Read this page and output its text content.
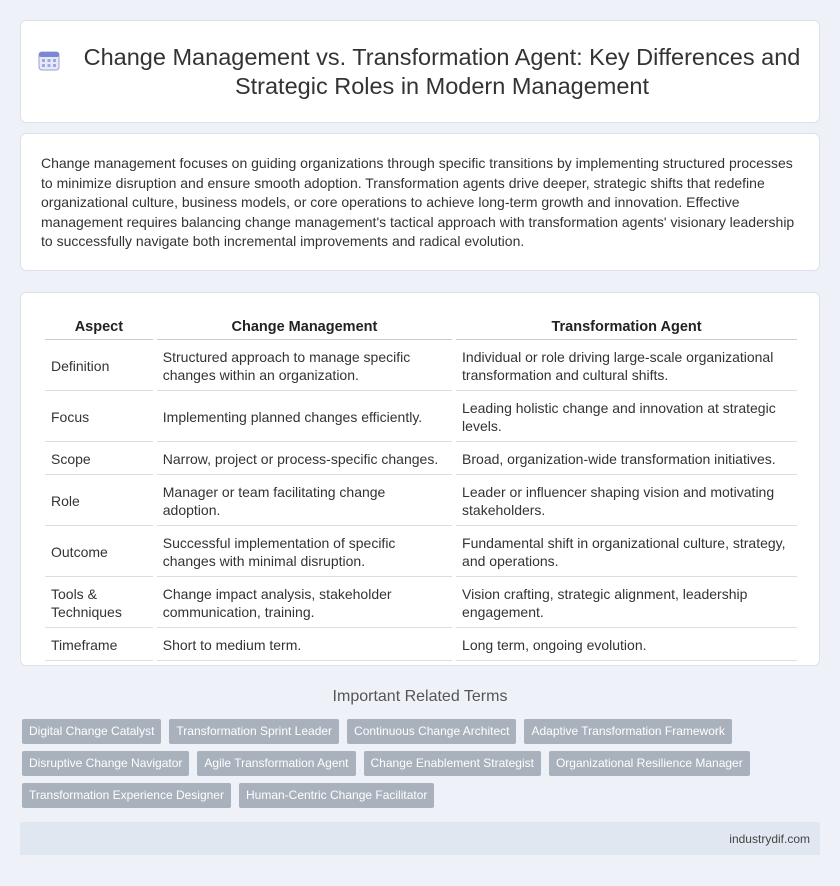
Change Management vs. Transformation Agent: Key Differences and Strategic Roles in Modern Management

Change management focuses on guiding organizations through specific transitions by implementing structured processes to minimize disruption and ensure smooth adoption. Transformation agents drive deeper, strategic shifts that redefine organizational culture, business models, or core operations to achieve long-term growth and innovation. Effective management requires balancing change management's tactical approach with transformation agents' visionary leadership to successfully navigate both incremental improvements and radical evolution.

Aspect	Change Management	Transformation Agent
Definition	Structured approach to manage specific changes within an organization.	Individual or role driving large-scale organizational transformation and cultural shifts.
Focus	Implementing planned changes efficiently.	Leading holistic change and innovation at strategic levels.
Scope	Narrow, project or process-specific changes.	Broad, organization-wide transformation initiatives.
Role	Manager or team facilitating change adoption.	Leader or influencer shaping vision and motivating stakeholders.
Outcome	Successful implementation of specific changes with minimal disruption.	Fundamental shift in organizational culture, strategy, and operations.
Tools & Techniques	Change impact analysis, stakeholder communication, training.	Vision crafting, strategic alignment, leadership engagement.
Timeframe	Short to medium term.	Long term, ongoing evolution.
Important Related Terms
Digital Change Catalyst	Transformation Sprint Leader	Continuous Change Architect	Adaptive Transformation Framework
Disruptive Change Navigator	Agile Transformation Agent	Change Enablement Strategist	Organizational Resilience Manager
Transformation Experience Designer	Human-Centric Change Facilitator
industrydif.com
